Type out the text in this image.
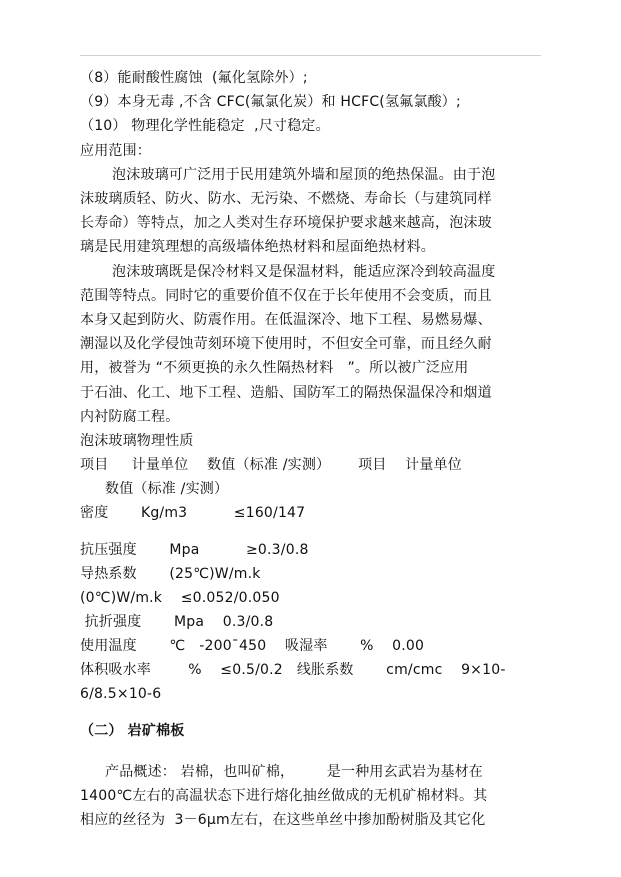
（8）能耐酸性腐蚀  (氟化氢除外）;
（9）本身无毒 ,不含 CFC(氟氯化炭）和 HCFC(氢氟氯酸）;
（10） 物理化学性能稳定  ,尺寸稳定。
应用范围：
泡沫玻璃可广泛用于民用建筑外墙和屋顶的绝热保温。由于泡
沫玻璃质轻、防火、防水、无污染、不燃烧、寿命长（与建筑同样
长寿命）等特点，加之人类对生存环境保护要求越来越高，泡沫玻
璃是民用建筑理想的高级墙体绝热材料和屋面绝热材料。
泡沫玻璃既是保冷材料又是保温材料，能适应深冷到较高温度
范围等特点。同时它的重要价值不仅在于长年使用不会变质，而且
本身又起到防火、防震作用。在低温深冷、地下工程、易燃易爆、
潮湿以及化学侵蚀苛刻环境下使用时，不但安全可靠，而且经久耐
用，被誉为 “不须更换的永久性隔热材料   ”。所以被广泛应用
于石油、化工、地下工程、造船、国防军工的隔热保温保冷和烟道
内衬防腐工程。
泡沫玻璃物理性质
项目     计量单位    数值（标准 /实测）      项目    计量单位
数值（标准 /实测）
密度       Kg/m3          ≤160/147
抗压强度       Mpa          ≥0.3/0.8
导热系数       (25℃)W/m.k
(0℃)W/m.k    ≤0.052/0.050
抗折强度       Mpa    0.3/0.8
使用温度       ℃   -200¯450    吸湿率       %    0.00
体积吸水率        %    ≤0.5/0.2   线胀系数       cm/cmc    9×10-
6/8.5×10-6
（二） 岩矿棉板
产品概述： 岩棉，也叫矿棉，       是一种用玄武岩为基材在
1400℃左右的高温状态下进行熔化抽丝做成的无机矿棉材料。其
相应的丝径为  3－6μm左右，在这些单丝中掺加酚树脂及其它化
